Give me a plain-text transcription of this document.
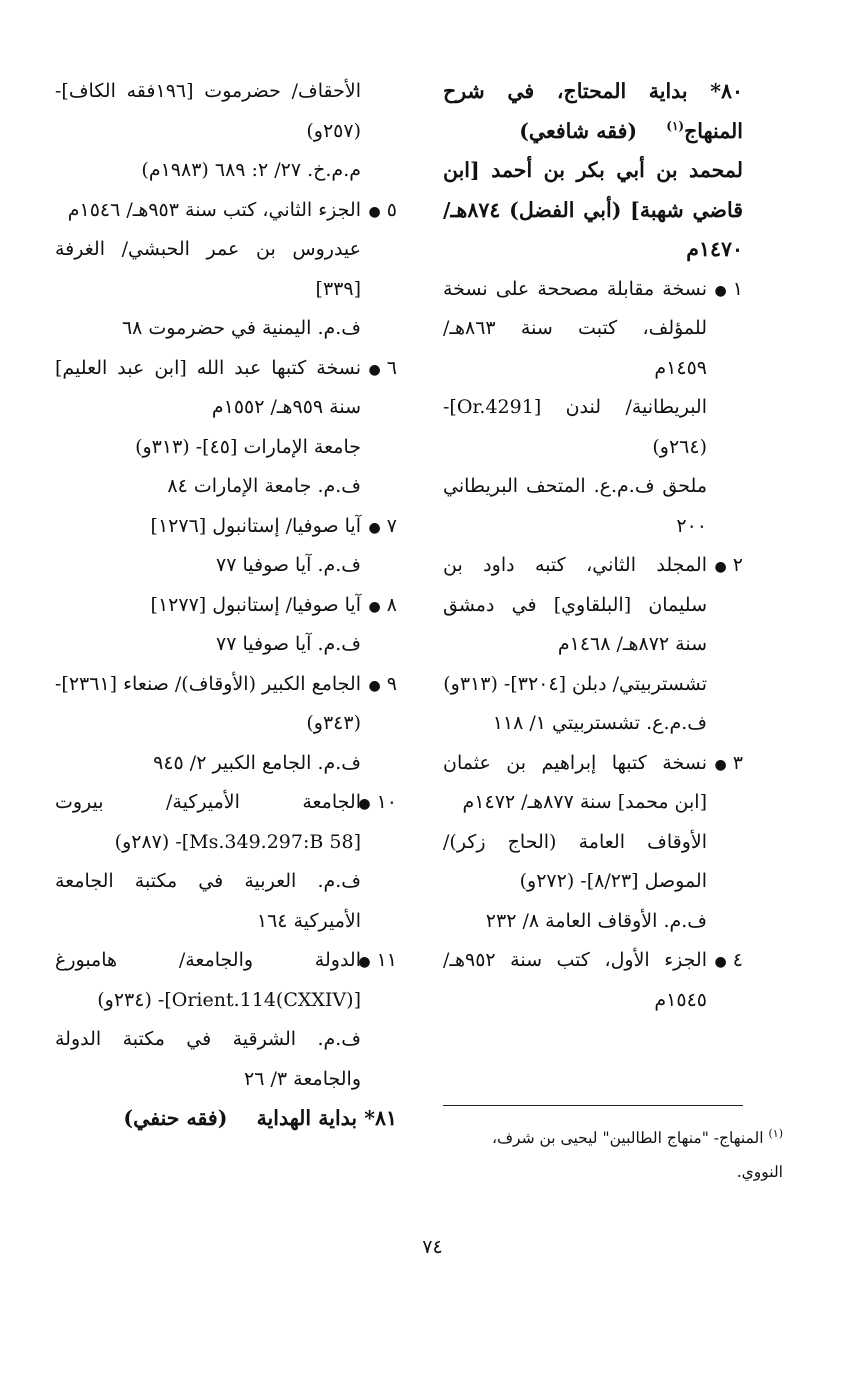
٨٠* بداية المحتاج، في شرح المنهاج$^{(١)}$ (فقه شافعي)
لمحمد بن أبي بكر بن أحمد [ابن قاضي شهبة] (أبي الفضل) ٨٧٤هـ/ ١٤٧٠م
١ ●
نسخة مقابلة مصححة على نسخة للمؤلف، كتبت سنة ٨٦٣هـ/ ١٤٥٩م
البريطانية/ لندن [Or.4291]- (٢٦٤و)
ملحق ف.م.ع. المتحف البريطاني ٢٠٠
٢ ●
المجلد الثاني، كتبه داود بن سليمان [البلقاوي] في دمشق سنة ٨٧٢هـ/ ١٤٦٨م
تشستربيتي/ دبلن [٣٢٠٤]- (٣١٣و)
ف.م.ع. تشستربيتي ١/ ١١٨
٣ ●
نسخة كتبها إبراهيم بن عثمان [ابن محمد] سنة ٨٧٧هـ/ ١٤٧٢م
الأوقاف العامة (الحاج زكر)/ الموصل [٨/٢٣]- (٢٧٢و)
ف.م. الأوقاف العامة ٨/ ٢٣٢
٤ ●
الجزء الأول، كتب سنة ٩٥٢هـ/ ١٥٤٥م
الأحقاف/ حضرموت [١٩٦فقه الكاف]- (٢٥٧و)
م.م.خ. ٢٧/ ٢: ٦٨٩ (١٩٨٣م)
٥ ●
الجزء الثاني، كتب سنة ٩٥٣هـ/ ١٥٤٦م
عيدروس بن عمر الحبشي/ الغرفة [٣٣٩]
ف.م. اليمنية في حضرموت ٦٨
٦ ●
نسخة كتبها عبد الله [ابن عبد العليم] سنة ٩٥٩هـ/ ١٥٥٢م
جامعة الإمارات [٤٥]- (٣١٣و)
ف.م. جامعة الإمارات ٨٤
٧ ●
آيا صوفيا/ إستانبول [١٢٧٦]
ف.م. آيا صوفيا ٧٧
٨ ●
آيا صوفيا/ إستانبول [١٢٧٧]
ف.م. آيا صوفيا ٧٧
٩ ●
الجامع الكبير (الأوقاف)/ صنعاء [٢٣٦١]- (٣٤٣و)
ف.م. الجامع الكبير ٢/ ٩٤٥
١٠ ●
الجامعة الأميركية/ بيروت [Ms.349.297:B 58]- (٢٨٧و)
ف.م. العربية في مكتبة الجامعة الأميركية ١٦٤
١١ ●
الدولة والجامعة/ هامبورغ [Orient.114(CXXIV)]- (٢٣٤و)
ف.م. الشرقية في مكتبة الدولة والجامعة ٣/ ٢٦
٨١* بداية الهداية (فقه حنفي)
$^{(١)}$ المنهاج- "منهاج الطالبين" ليحيى بن شرف، النووي.
٧٤
